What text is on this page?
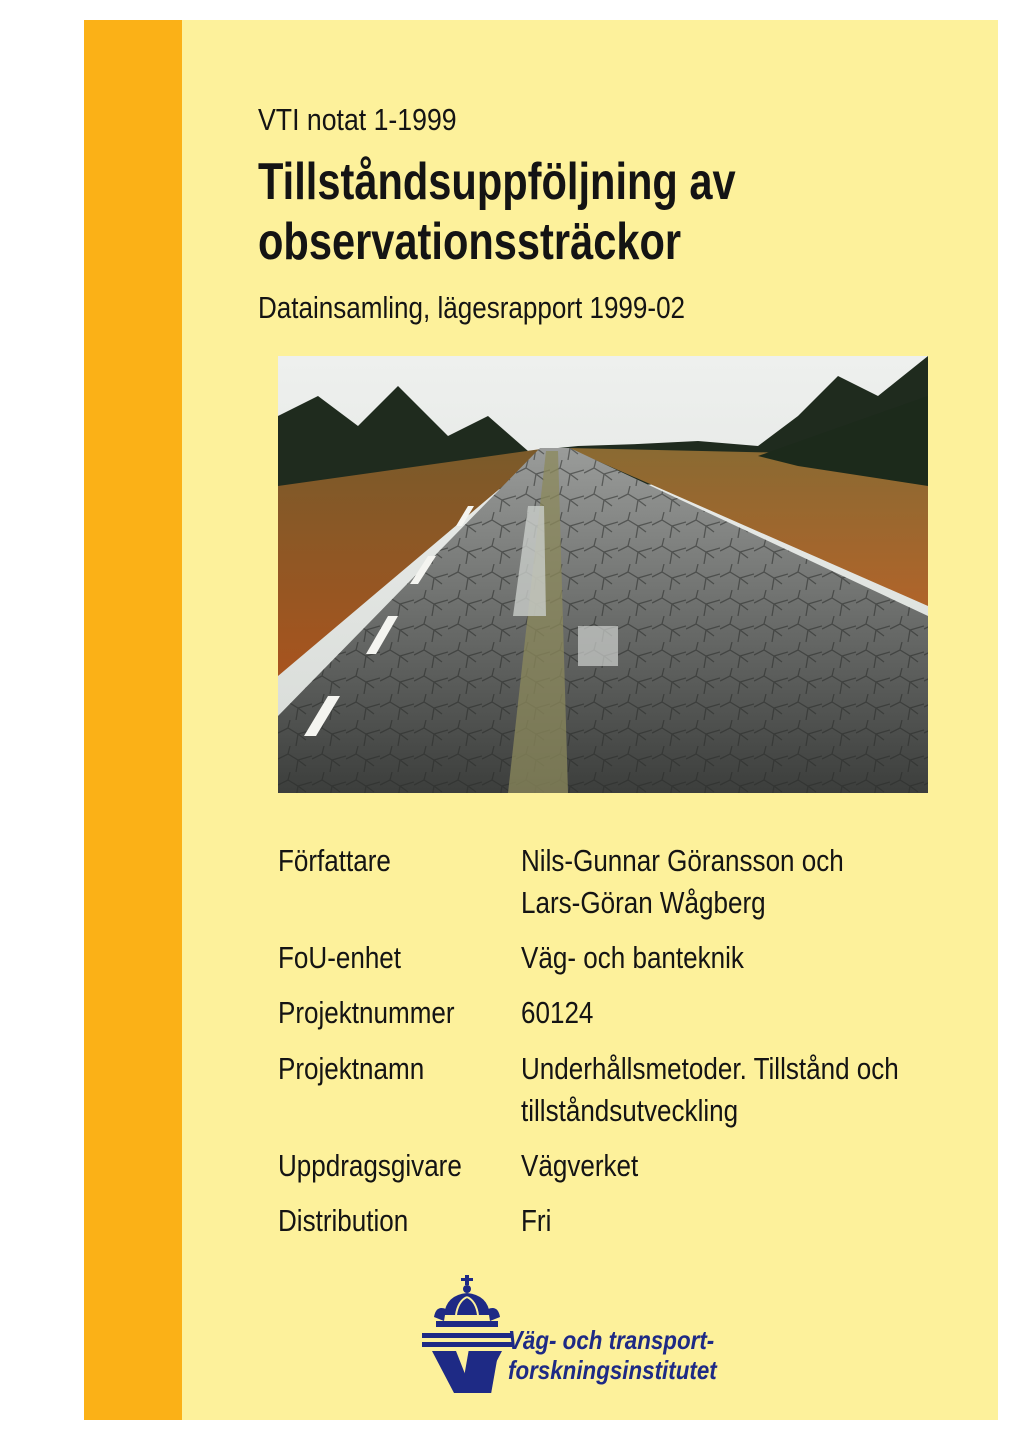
VTI notat 1-1999
Tillståndsuppföljning av
observationssträckor
Datainsamling, lägesrapport 1999-02
Författare	Nils-Gunnar Göransson och
Lars-Göran Wågberg
FoU-enhet	Väg- och banteknik
Projektnummer 60124
Projektnamn	Underhållsmetoder. Tillstånd och
tillståndsutveckling
Uppdragsgivare Vägverket
Distribution	Fri
Väg- och transport-
forskningsinstitutet
